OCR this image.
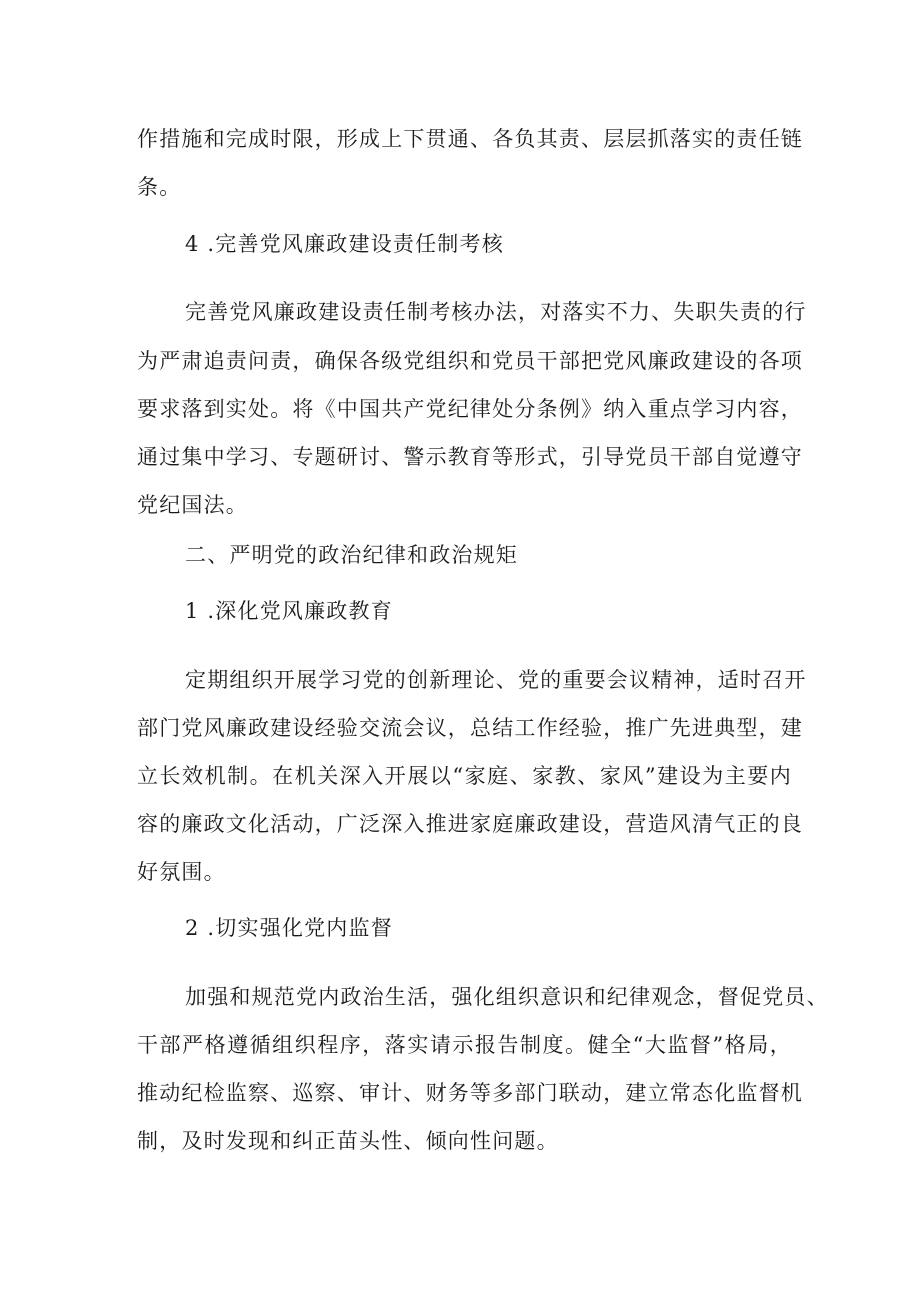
作措施和完成时限，形成上下贯通、各负其责、层层抓落实的责任链
条。
4 .完善党风廉政建设责任制考核
完善党风廉政建设责任制考核办法，对落实不力、失职失责的行
为严肃追责问责，确保各级党组织和党员干部把党风廉政建设的各项
要求落到实处。将《中国共产党纪律处分条例》纳入重点学习内容，
通过集中学习、专题研讨、警示教育等形式，引导党员干部自觉遵守
党纪国法。
二、严明党的政治纪律和政治规矩
1 .深化党风廉政教育
定期组织开展学习党的创新理论、党的重要会议精神，适时召开
部门党风廉政建设经验交流会议，总结工作经验，推广先进典型，建
立长效机制。在机关深入开展以“家庭、家教、家风”建设为主要内
容的廉政文化活动，广泛深入推进家庭廉政建设，营造风清气正的良
好氛围。
2 .切实强化党内监督
加强和规范党内政治生活，强化组织意识和纪律观念，督促党员、
干部严格遵循组织程序，落实请示报告制度。健全“大监督”格局，
推动纪检监察、巡察、审计、财务等多部门联动，建立常态化监督机
制，及时发现和纠正苗头性、倾向性问题。
